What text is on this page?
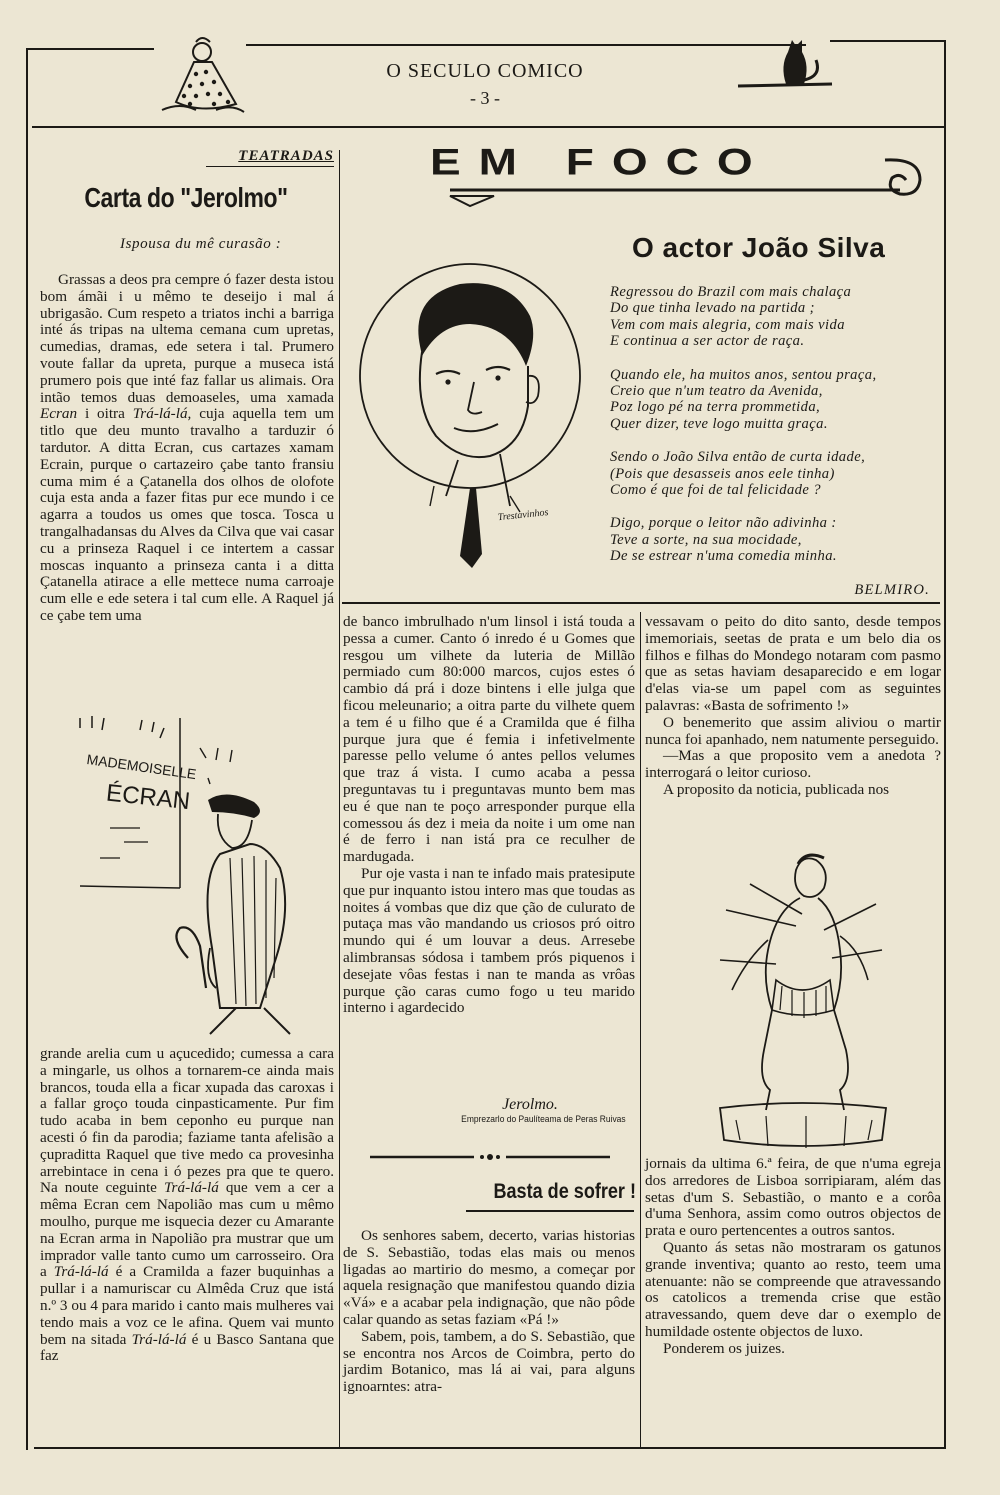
O SECULO COMICO
- 3 -
TEATRADAS
Carta do "Jerolmo"
Ispousa du mê curasão :

Grassas a deos pra cempre ó fazer desta istou bom ámãi i u mêmo te deseijo i mal á ubrigasão. Cum respeto a triatos inchi a barriga inté ás tripas na ultema cemana cum upretas, cumedias, dramas, ede setera i tal. Prumero voute fallar da upreta, purque a museca istá prumero pois que inté faz fallar us alimais. Ora intão temos duas demoaseles, uma xamada Ecran i oitra Trá-lá-lá, cuja aquella tem um titlo que deu munto travalho a tarduzir ó tardutor. A ditta Ecran, cus cartazes xamam Ecrain, purque o cartazeiro çabe tanto fransiu cuma mim é a Çatanella dos olhos de olofote cuja esta anda a fazer fitas pur ece mundo i ce agarra a toudos us omes que tosca. Tosca u trangalhadansas du Alves da Cilva que vai casar cu a prinseza Raquel i ce intertem a cassar moscas inquanto a prinseza canta i a ditta Çatanella atirace a elle mettece numa carroaje cum elle e ede setera i tal cum elle. A Raquel já ce çabe tem uma

MADEMOISELLE
ÉCRAN

grande arelia cum u açucedido; cumessa a cara a mingarle, us olhos a tornarem-ce ainda mais brancos, touda ella a ficar xupada das caroxas i a fallar groço touda cinpasticamente. Pur fim tudo acaba in bem ceponho eu purque nan acesti ó fin da parodia; faziame tanta afelisão a çupraditta Raquel que tive medo ca provesinha arrebintace in cena i ó pezes pra que te quero. Na noute ceguinte Trá-lá-lá que vem a cer a mêma Ecran cem Napolião mas cum u mêmo moulho, purque me isquecia dezer cu Amarante na Ecran arma in Napolião pra mustrar que um imprador valle tanto cumo um carrosseiro. Ora a Trá-lá-lá é a Cramilda a fazer buquinhas a pullar i a namuriscar cu Almêda Cruz que istá n.º 3 ou 4 para marido i canto mais mulheres vai tendo mais a voz ce le afina. Quem vai munto bem na sitada Trá-lá-lá é u Basco Santana que faz

EM FOCO
O actor João Silva
Trestavinhos
Regressou do Brazil com mais chalaça
Do que tinha levado na partida ;
Vem com mais alegria, com mais vida
E continua a ser actor de raça.
Quando ele, ha muitos anos, sentou praça,
Creio que n'um teatro da Avenida,
Poz logo pé na terra prommetida,
Quer dizer, teve logo muitta graça.
Sendo o João Silva então de curta idade,
(Pois que desasseis anos eele tinha)
Como é que foi de tal felicidade ?
Digo, porque o leitor não adivinha :
Teve a sorte, na sua mocidade,
De se estrear n'uma comedia minha.
BELMIRO.

de banco imbrulhado n'um linsol i istá touda a pessa a cumer. Canto ó inredo é u Gomes que resgou um vilhete da luteria de Millão permiado cum 80:000 marcos, cujos estes ó cambio dá prá i doze bintens i elle julga que ficou meleunario; a oitra parte du vilhete quem a tem é u filho que é a Cramilda que é filha purque jura que é femia i infetivelmente paresse pello velume ó antes pellos velumes que traz á vista. I cumo acaba a pessa preguntavas tu i preguntavas munto bem mas eu é que nan te poço arresponder purque ella comessou ás dez i meia da noite i um ome nan é de ferro i nan istá pra ce reculher de mardugada.

Pur oje vasta i nan te infado mais pratesipute que pur inquanto istou intero mas que toudas as noites á vombas que diz que ção de culurato de putaça mas vão mandando us criosos pró oitro mundo qui é um louvar a deus. Arresebe alimbransas sódosa i tambem prós piquenos i desejate vôas festas i nan te manda as vrôas purque ção caras cumo fogo u teu marido interno i agardecido

Jerolmo.
Emprezarlo do Paulíteama de Peras Ruivas
Basta de sofrer !

Os senhores sabem, decerto, varias historias de S. Sebastião, todas elas mais ou menos ligadas ao martirio do mesmo, a começar por aquela resignação que manifestou quando dizia «Vá» e a acabar pela indignação, que não pôde calar quando as setas faziam «Pá !»

Sabem, pois, tambem, a do S. Sebastião, que se encontra nos Arcos de Coimbra, perto do jardim Botanico, mas lá ai vai, para alguns ignoarntes: atra-

vessavam o peito do dito santo, desde tempos imemoriais, seetas de prata e um belo dia os filhos e filhas do Mondego notaram com pasmo que as setas haviam desaparecido e em logar d'elas via-se um papel com as seguintes palavras: «Basta de sofrimento !»

O benemerito que assim aliviou o martir nunca foi apanhado, nem natumente perseguido.

—Mas a que proposito vem a anedota ? interrogará o leitor curioso.

A proposito da noticia, publicada nos

jornais da ultima 6.ª feira, de que n'uma egreja dos arredores de Lisboa sorripiaram, além das setas d'um S. Sebastião, o manto e a corôa d'uma Senhora, assim como outros objectos de prata e ouro pertencentes a outros santos.

Quanto ás setas não mostraram os gatunos grande inventiva; quanto ao resto, teem uma atenuante: não se compreende que atravessando os catolicos a tremenda crise que estão atravessando, quem deve dar o exemplo de humildade ostente objectos de luxo.

Ponderem os juizes.
